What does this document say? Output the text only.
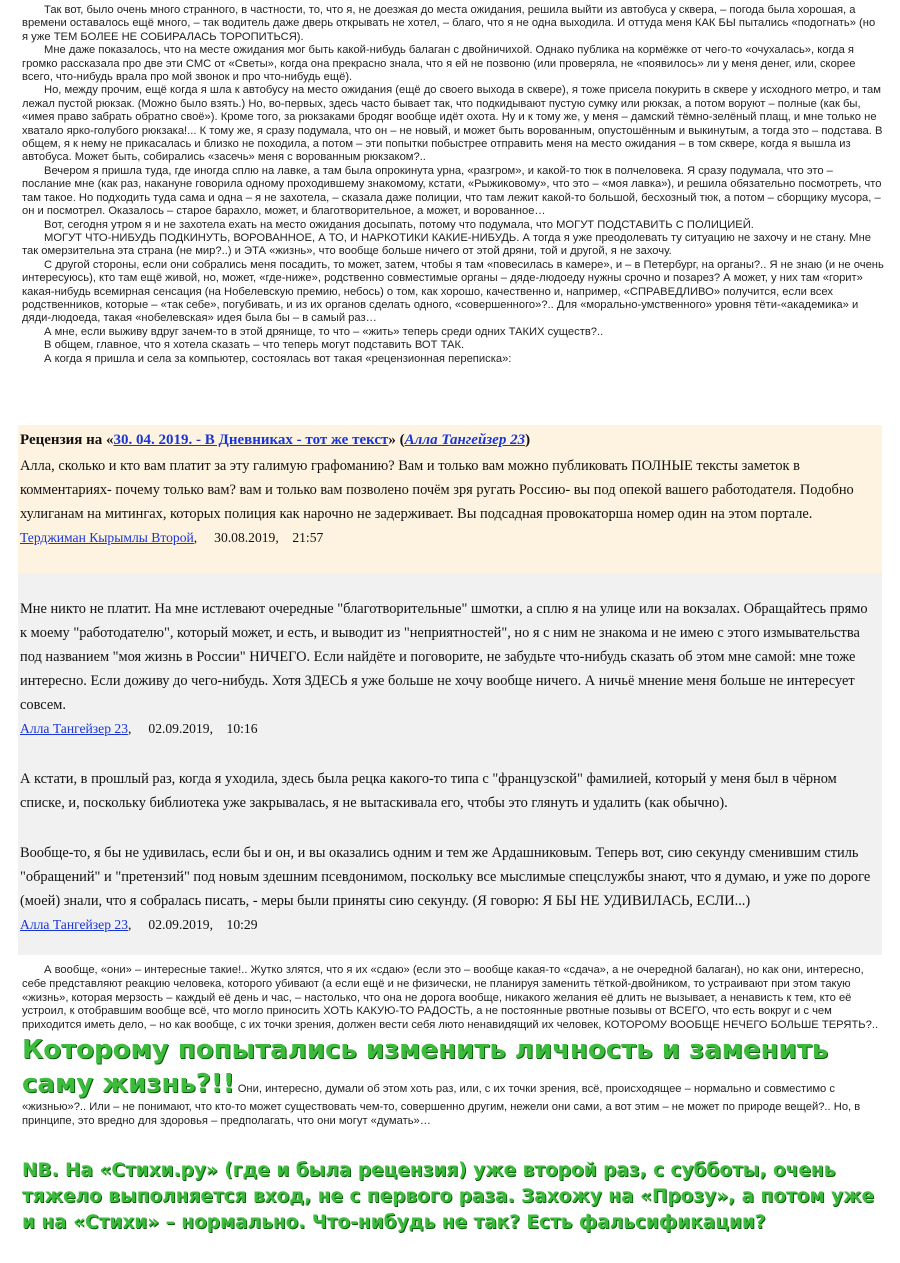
Так вот, было очень много странного, в частности, то, что я, не доезжая до места ожидания, решила выйти из автобуса у сквера, – погода была хорошая, а времени оставалось ещё много, – так водитель даже дверь открывать не хотел, – благо, что я не одна выходила. И оттуда меня КАК БЫ пытались «подогнать» (но я уже ТЕМ БОЛЕЕ НЕ СОБИРАЛАСЬ ТОРОПИТЬСЯ).

Мне даже показалось, что на месте ожидания мог быть какой-нибудь балаган с двойничихой. Однако публика на кормёжке от чего-то «очухалась», когда я громко рассказала про две эти СМС от «Светы», когда она прекрасно знала, что я ей не позвоню (или проверяла, не «появилось» ли у меня денег, или, скорее всего, что-нибудь врала про мой звонок и про что-нибудь ещё).

Но, между прочим, ещё когда я шла к автобусу на место ожидания (ещё до своего выхода в сквере), я тоже присела покурить в сквере у исходного метро, и там лежал пустой рюкзак. (Можно было взять.) Но, во-первых, здесь часто бывает так, что подкидывают пустую сумку или рюкзак, а потом воруют – полные (как бы, «имея право забрать обратно своё»). Кроме того, за рюкзаками бродяг вообще идёт охота. Ну и к тому же, у меня – дамский тёмно-зелёный плащ, и мне только не хватало ярко-голубого рюкзака!... К тому же, я сразу подумала, что он – не новый, и может быть ворованным, опустошённым и выкинутым, а тогда это – подстава. В общем, я к нему не прикасалась и близко не походила, а потом – эти попытки побыстрее отправить меня на место ожидания – в том сквере, когда я вышла из автобуса. Может быть, собирались «засечь» меня с ворованным рюкзаком?..

Вечером я пришла туда, где иногда сплю на лавке, а там была опрокинута урна, «разгром», и какой-то тюк в полчеловека. Я сразу подумала, что это – послание мне (как раз, накануне говорила одному проходившему знакомому, кстати, «Рыжиковому», что это – «моя лавка»), и решила обязательно посмотреть, что там такое. Но подходить туда сама и одна – я не захотела, – сказала даже полиции, что там лежит какой-то большой, бесхозный тюк, а потом – сборщику мусора, – он и посмотрел. Оказалось – старое барахло, может, и благотворительное, а может, и ворованное…

Вот, сегодня утром я и не захотела ехать на место ожидания досыпать, потому что подумала, что МОГУТ ПОДСТАВИТЬ С ПОЛИЦИЕЙ.

МОГУТ ЧТО-НИБУДЬ ПОДКИНУТЬ, ВОРОВАННОЕ, А ТО, И НАРКОТИКИ КАКИЕ-НИБУДЬ. А тогда я уже преодолевать ту ситуацию не захочу и не стану. Мне так омерзительна эта страна (не мир?..) и ЭТА «жизнь», что вообще больше ничего от этой дряни, той и другой, я не захочу.

С другой стороны, если они собрались меня посадить, то может, затем, чтобы я там «повесилась в камере», и – в Петербург, на органы?.. Я не знаю (и не очень интересуюсь), кто там ещё живой, но, может, «где-ниже», родственно совместимые органы – дяде-людоеду нужны срочно и позарез? А может, у них там «горит» какая-нибудь всемирная сенсация (на Нобелевскую премию, небось) о том, как хорошо, качественно и, например, «СПРАВЕДЛИВО» получится, если всех родственников, которые – «так себе», погубивать, и из их органов сделать одного, «совершенного»?.. Для «морально-умственного» уровня тёти-«академика» и дяди-людоеда, такая «нобелевская» идея была бы – в самый раз…

А мне, если выживу вдруг зачем-то в этой дрянище, то что – «жить» теперь среди одних ТАКИХ существ?..

В общем, главное, что я хотела сказать – что теперь могут подставить ВОТ ТАК.

А когда я пришла и села за компьютер, состоялась вот такая «рецензионная переписка»:

Рецензия на «30. 04. 2019. - В Дневниках - тот же текст» (Алла Тангейзер 23)
Алла, сколько и кто вам платит за эту галимую графоманию? Вам и только вам можно публиковать ПОЛНЫЕ тексты заметок в комментариях- почему только вам? вам и только вам позволено почём зря ругать Россию- вы под опекой вашего работодателя. Подобно хулиганам на митингах, которых полиция как нарочно не задерживает. Вы подсадная провокаторша номер один на этом портале.
Терджиман Кырымлы Второй,     30.08.2019,    21:57
Мне никто не платит. На мне истлевают очередные "благотворительные" шмотки, а сплю я на улице или на вокзалах. Обращайтесь прямо к моему "работодателю", который может, и есть, и выводит из "неприятностей", но я с ним не знакома и не имею с этого измывательства под названием "моя жизнь в России" НИЧЕГО. Если найдёте и поговорите, не забудьте что-нибудь сказать об этом мне самой: мне тоже интересно. Если доживу до чего-нибудь. Хотя ЗДЕСЬ я уже больше не хочу вообще ничего. А ничьё мнение меня больше не интересует совсем.
Алла Тангейзер 23,     02.09.2019,    10:16
А кстати, в прошлый раз, когда я уходила, здесь была рецка какого-то типа с "французской" фамилией, который у меня был в чёрном списке, и, поскольку библиотека уже закрывалась, я не вытаскивала его, чтобы это глянуть и удалить (как обычно).
Вообще-то, я бы не удивилась, если бы и он, и вы оказались одним и тем же Ардашниковым. Теперь вот, сию секунду сменившим стиль "обращений" и "претензий" под новым здешним псевдонимом, поскольку все мыслимые спецслужбы знают, что я думаю, и уже по дороге (моей) знали, что я собралась писать, - меры были приняты сию секунду. (Я говорю: Я БЫ НЕ УДИВИЛАСЬ, ЕСЛИ...)
Алла Тангейзер 23,     02.09.2019,    10:29

А вообще, «они» – интересные такие!.. Жутко злятся, что я их «сдаю» (если это – вообще какая-то «сдача», а не очередной балаган), но как они, интересно, себе представляют реакцию человека, которого убивают (а если ещё и не физически, не планируя заменить тёткой-двойником, то устраивают при этом такую «жизнь», которая мерзость – каждый её день и час, – настолько, что она не дорога вообще, никакого желания её длить не вызывает, а ненависть к тем, кто её устроил, к отобравшим вообще всё, что могло приносить ХОТЬ КАКУЮ-ТО РАДОСТЬ, а не постоянные рвотные позывы от ВСЕГО, что есть вокруг и с чем приходится иметь дело, – но как вообще, с их точки зрения, должен вести себя люто ненавидящий их человек, КОТОРОМУ ВООБЩЕ НЕЧЕГО БОЛЬШЕ ТЕРЯТЬ?.. Которому попытались изменить личность и заменить саму жизнь?!! Они, интересно, думали об этом хоть раз, или, с их точки зрения, всё, происходящее – нормально и совместимо с «жизнью»?.. Или – не понимают, что кто-то может существовать чем-то, совершенно другим, нежели они сами, а вот этим – не может по природе вещей?.. Но, в принципе, это вредно для здоровья – предполагать, что они могут «думать»…

NB. На «Стихи.ру» (где и была рецензия) уже второй раз, с субботы, очень тяжело выполняется вход, не с первого раза. Захожу на «Прозу», а потом уже и на «Стихи» – нормально. Что-нибудь не так? Есть фальсификации?
